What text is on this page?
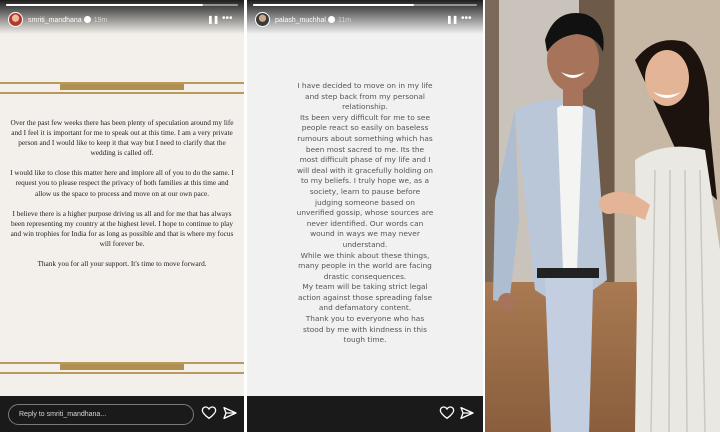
smriti_mandhana 19m	❚❚ •••

Over the past few weeks there has been plenty of speculation around my life and I feel it is important for me to speak out at this time. I am a very private person and I would like to keep it that way but I need to clarify that the wedding is called off.

I would like to close this matter here and implore all of you to do the same. I request you to please respect the privacy of both families at this time and allow us the space to process and move on at our own pace.

I believe there is a higher purpose driving us all and for me that has always been representing my country at the highest level. I hope to continue to play and win trophies for India for as long as possible and that is where my focus will forever be.

Thank you for all your support. It's time to move forward.

Reply to smriti_mandhana...
palash_muchhal 11m	❚❚ •••

I have decided to move on in my life

and step back from my personal

relationship.

Its been very difficult for me to see

people react so easily on baseless

rumours about something which has

been most sacred to me. Its the

most difficult phase of my life and I

will deal with it gracefully holding on

to my beliefs. I truly hope we, as a

society, learn to pause before

judging someone based on

unverified gossip, whose sources are

never identified. Our words can

wound in ways we may never

understand.

While we think about these things,

many people in the world are facing

drastic consequences.

My team will be taking strict legal

action against those spreading false

and defamatory content.

Thank you to everyone who has

stood by me with kindness in this

tough time.
